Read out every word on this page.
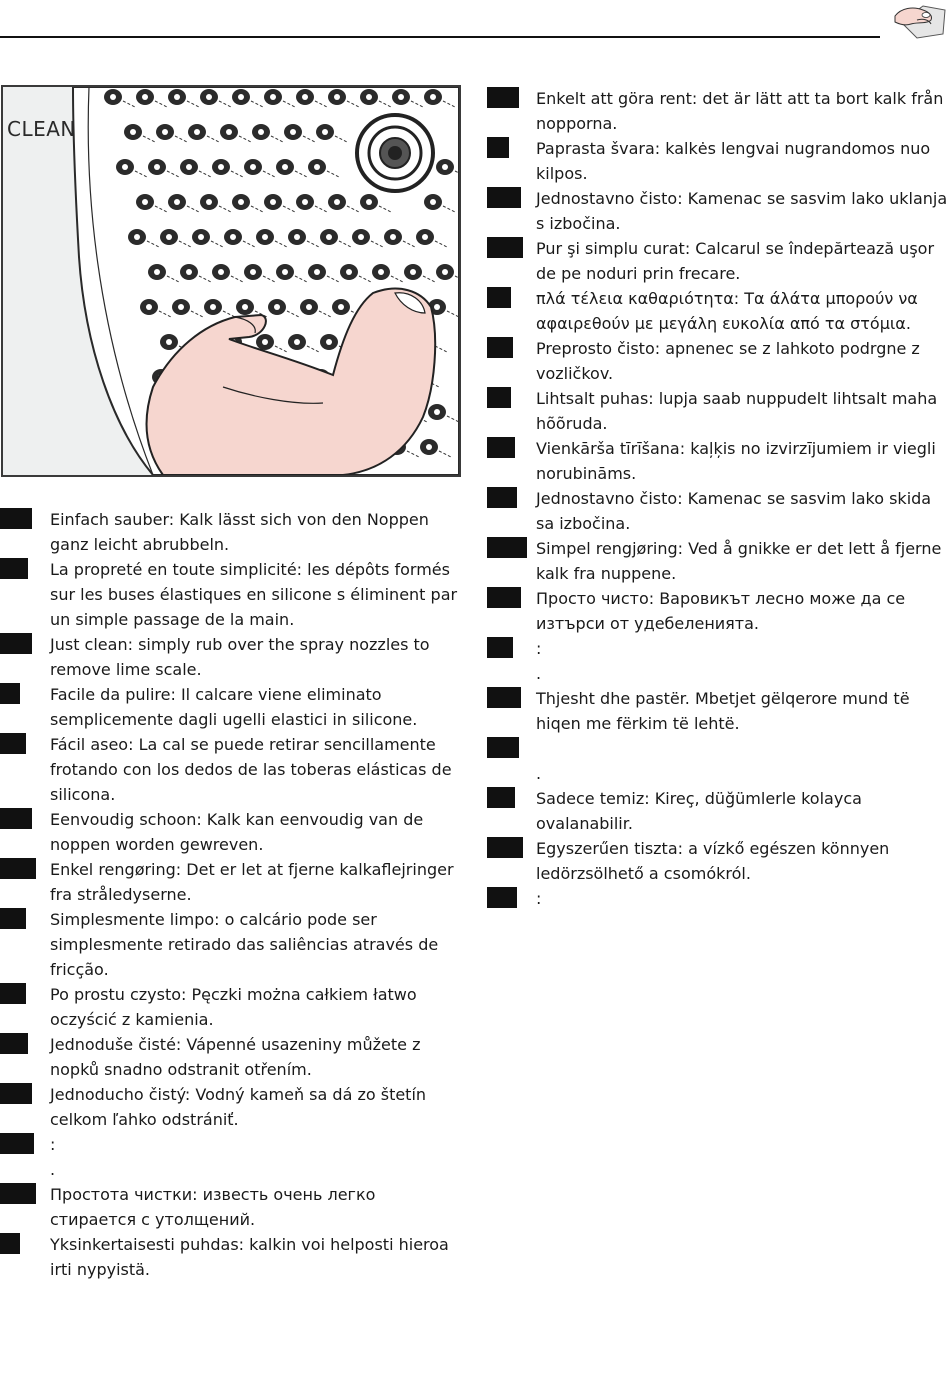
CLEAN
Einfach sauber: Kalk lässt sich von den Noppen ganz leicht abrubbeln.
La propreté en toute simplicité: les dépôts formés sur les buses élastiques en silicone s éliminent par un simple passage de la main.
Just clean: simply rub over the spray nozzles to remove lime scale.
Facile da pulire: Il calcare viene eliminato semplicemente dagli ugelli elastici in silicone.
Fácil aseo: La cal se puede retirar sencillamente frotando con los dedos de las toberas elásticas de silicona.
Eenvoudig schoon: Kalk kan eenvoudig van de noppen worden gewreven.
Enkel rengøring: Det er let at fjerne kalkaflejringer fra stråledyserne.
Simplesmente limpo: o calcário pode ser simplesmente retirado das saliências através de fricção.
Po prostu czysto: Pęczki można całkiem łatwo oczyścić z kamienia.
Jednoduše čisté: Vápenné usazeniny můžete z nopků snadno odstranit otřením.
Jednoducho čistý: Vodný kameň sa dá zo štetín celkom ľahko odstrániť.
:
.
Простота чистки: известь очень легко стирается с утолщений.
Yksinkertaisesti puhdas: kalkin voi helposti hieroa irti nypyistä.
Enkelt att göra rent: det är lätt att ta bort kalk från nopporna.
Paprasta švara: kalkės lengvai nugrandomos nuo kilpos.
Jednostavno čisto: Kamenac se sasvim lako uklanja s izbočina.
Pur şi simplu curat: Calcarul se îndepărtează uşor de pe noduri prin frecare.
πλά τέλεια καθαριότητα: Τα άλάτα μπορούν να αφαιρεθούν με μεγάλη ευκολία από τα στόμια.
Preprosto čisto: apnenec se z lahkoto podrgne z vozličkov.
Lihtsalt puhas: lupja saab nuppudelt lihtsalt maha hõõruda.
Vienkārša tīrīšana: kaļķis no izvirzījumiem ir viegli norubināms.
Jednostavno čisto: Kamenac se sasvim lako skida sa izbočina.
Simpel rengjøring: Ved å gnikke er det lett å fjerne kalk fra nuppene.
Просто чисто: Варовикът лесно може да се изтърси от удебеленията.
:
.
Thjesht dhe pastër. Mbetjet gëlqerore mund të hiqen me fërkim të lehtë.

.
Sadece temiz: Kireç, düğümlerle kolayca ovalanabilir.
Egyszerűen tiszta: a vízkő egészen könnyen ledörzsölhető a csomókról.
:
